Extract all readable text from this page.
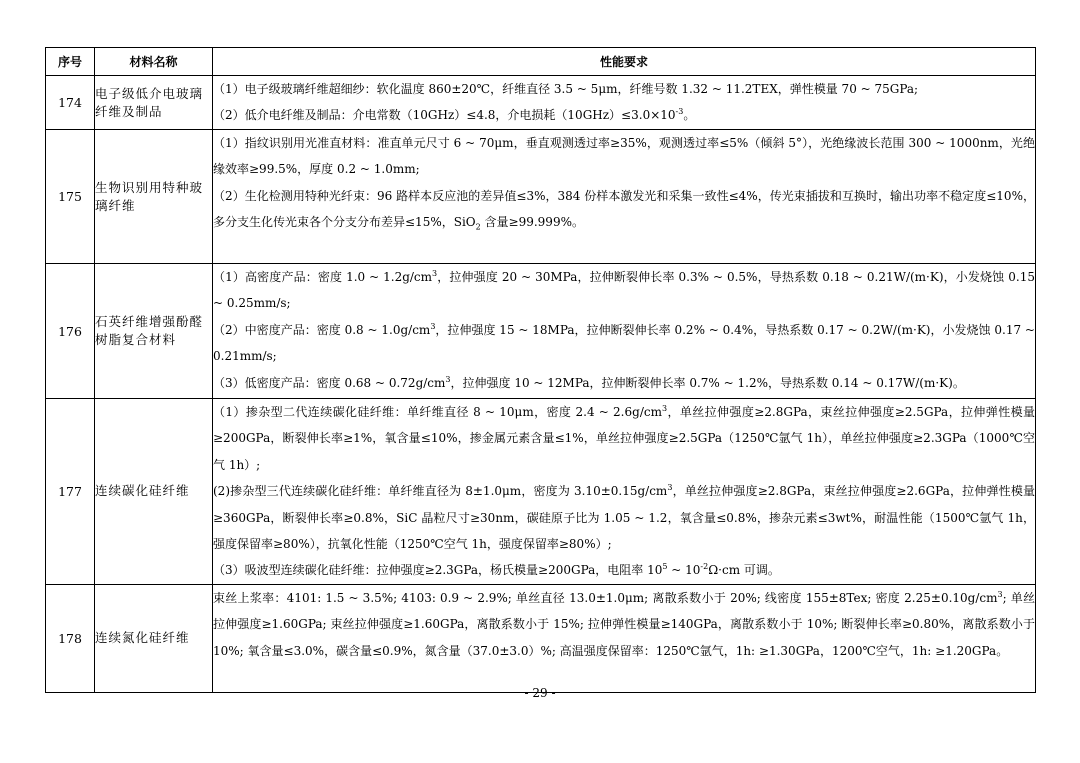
序号	材料名称	性能要求
174	电子级低介电玻璃纤维及制品	（1）电子级玻璃纤维超细纱：软化温度 860±20℃，纤维直径 3.5 ~ 5μm，纤维号数 1.32 ~ 11.2TEX，弹性模量 70 ~ 75GPa;

（2）低介电纤维及制品：介电常数（10GHz）≤4.8，介电损耗$(10GHz)\le 3.0\times 10^{-3}$。

175	生物识别用特种玻璃纤维	（1）指纹识别用光准直材料：准直单元尺寸 6 ~ 70μm，垂直观测透过率≥35%，观测透过率≤5%（倾斜 5°），光绝缘波长范围 300 ~ 1000nm，光绝缘效率≥99.5%，厚度 0.2 ~ 1.0mm;

（2）生化检测用特种光纤束：96 路样本反应池的差异值≤3%，384 份样本激发光和采集一致性≤4%，传光束插拔和互换时，输出功率不稳定度≤10%，多分支生化传光束各个分支分布差异≤15%，SiO$_2$ 含量≥99.999%。

176	石英纤维增强酚醛树脂复合材料	（1）高密度产品：密度 1.0 ~ $1.2g/cm^3$，拉伸强度 20 ~ 30MPa，拉伸断裂伸长率 0.3% ~ 0.5%，导热系数 0.18 ~ 0.21W/(m·K)，小发烧蚀 0.15 ~ 0.25mm/s;

（2）中密度产品：密度 0.8 ~ $1.0g/cm^3$，拉伸强度 15 ~ 18MPa，拉伸断裂伸长率 0.2% ~ 0.4%，导热系数 0.17 ~ 0.2W/(m·K)，小发烧蚀 0.17 ~ 0.21mm/s;

（3）低密度产品：密度 0.68 ~ $0.72g/cm^3$，拉伸强度 10 ~ 12MPa，拉伸断裂伸长率 0.7% ~ 1.2%，导热系数 0.14 ~ 0.17W/(m·K)。

177	连续碳化硅纤维	（1）掺杂型二代连续碳化硅纤维：单纤维直径 8 ~ 10μm，密度 2.4 ~ $2.6g/cm^3$，单丝拉伸强度≥2.8GPa，束丝拉伸强度≥2.5GPa，拉伸弹性模量≥200GPa，断裂伸长率≥1%，氧含量≤10%，掺金属元素含量≤1%，单丝拉伸强度≥2.5GPa（1250℃氩气 1h），单丝拉伸强度≥2.3GPa（1000℃空气 1h）;

(2)掺杂型三代连续碳化硅纤维：单纤维直径为 8±1.0μm，密度为 $3.10\pm 0.15g/cm^3$，单丝拉伸强度≥2.8GPa，束丝拉伸强度≥2.6GPa，拉伸弹性模量≥360GPa，断裂伸长率≥0.8%，SiC 晶粒尺寸≥30nm，碳硅原子比为 1.05 ~ 1.2，氧含量≤0.8%，掺杂元素≤3wt%，耐温性能（1500℃氩气 1h，强度保留率≥80%），抗氧化性能（1250℃空气 1h，强度保留率≥80%）;

（3）吸波型连续碳化硅纤维：拉伸强度≥2.3GPa，杨氏模量≥200GPa，电阻率 $10^5$ ~ $10^{-2}\Omega\cdot cm$ 可调。

178	连续氮化硅纤维	束丝上浆率：4101: 1.5 ~ 3.5%; 4103: 0.9 ~ 2.9%; 单丝直径 13.0±1.0μm; 离散系数小于 20%; 线密度 155±8Tex; 密度 $2.25\pm 0.10g/cm^3$; 单丝拉伸强度≥1.60GPa; 束丝拉伸强度≥1.60GPa，离散系数小于 15%; 拉伸弹性模量≥140GPa，离散系数小于 10%; 断裂伸长率≥0.80%，离散系数小于 10%; 氧含量≤3.0%，碳含量≤0.9%，氮含量（37.0±3.0）%; 高温强度保留率：1250℃氩气，1h: ≥1.30GPa，1200℃空气，1h: ≥1.20GPa。

- 29 -
